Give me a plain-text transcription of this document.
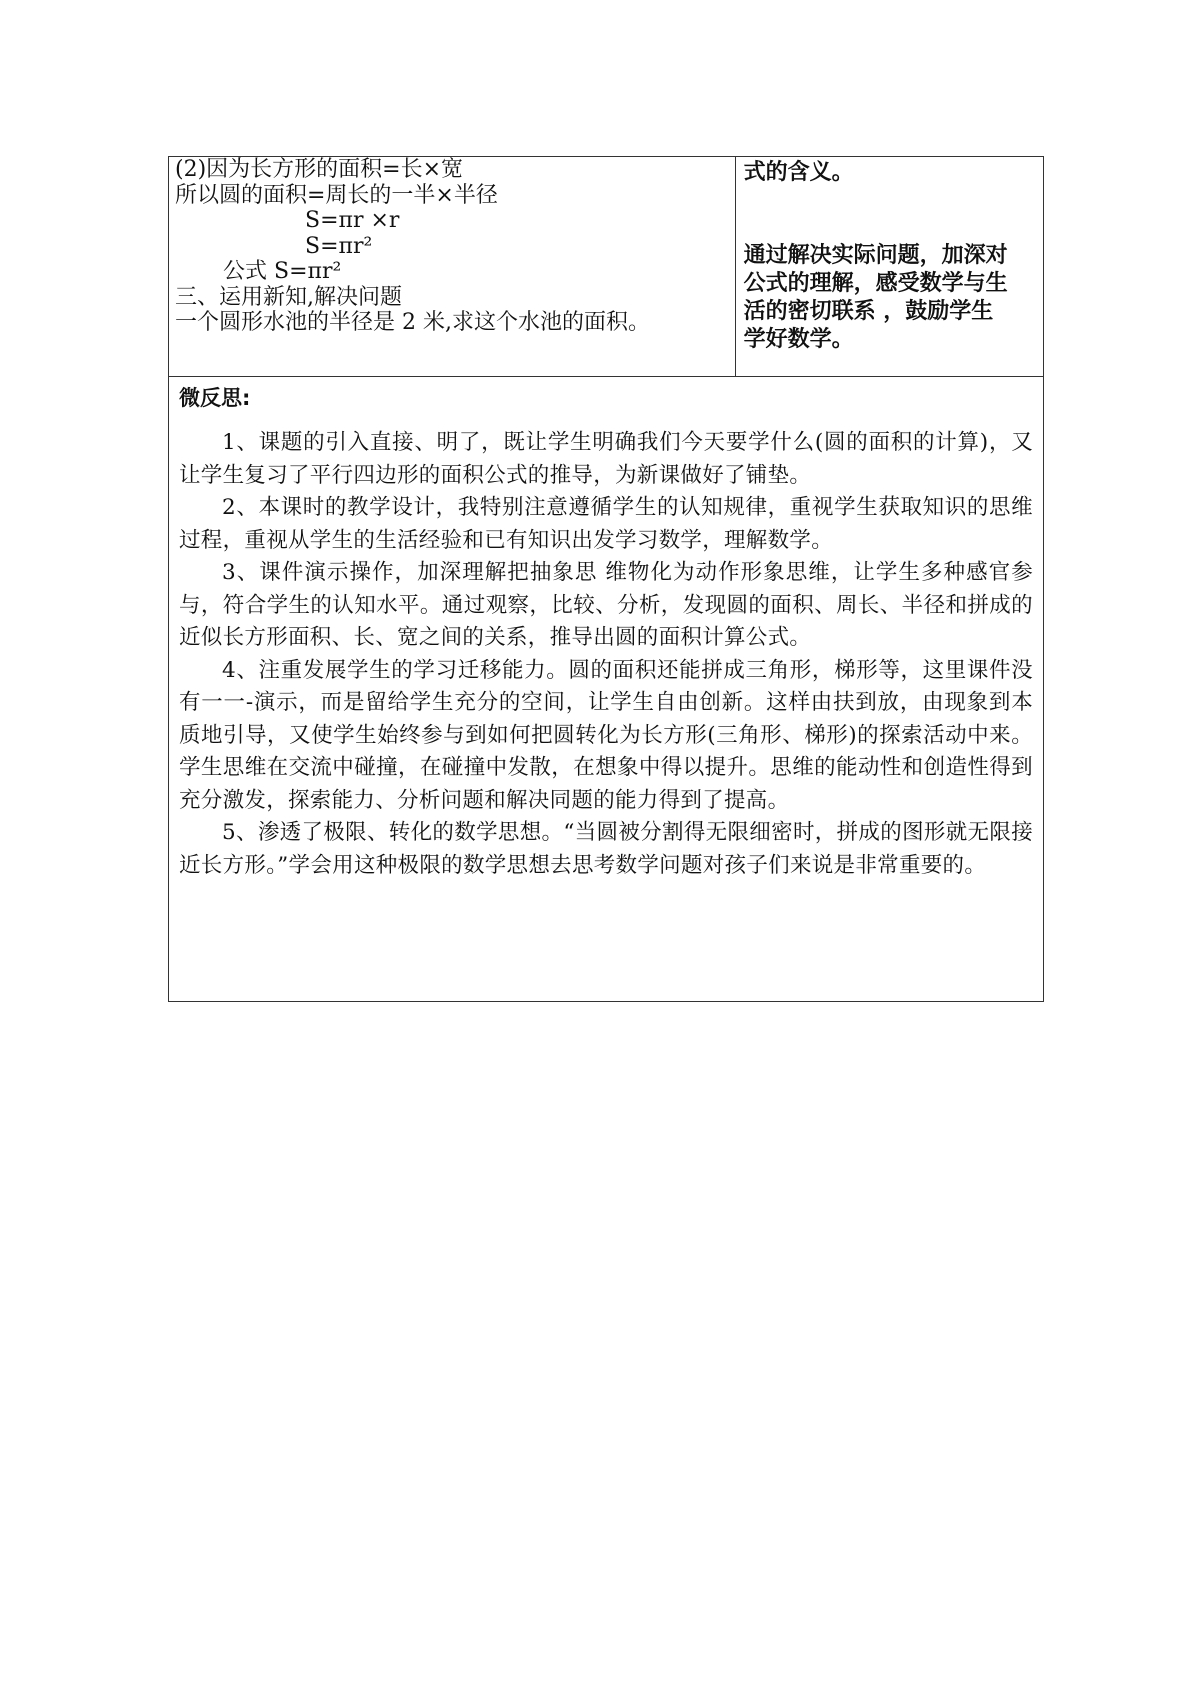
(2)因为长方形的面积=长×宽
所以圆的面积=周长的一半×半径
S=πr ×r
S=πr²
公式 S=πr²
三、运用新知,解决问题
一个圆形水池的半径是 2 米,求这个水池的面积。

式的含义。
通过解决实际问题，加深对
公式的理解，感受数学与生
活的密切联系 ，鼓励学生
学好数学。

微反思:

1、课题的引入直接、明了，既让学生明确我们今天要学什么(圆的面积的计算)，又让学生复习了平行四边形的面积公式的推导，为新课做好了铺垫。

2、本课时的教学设计，我特别注意遵循学生的认知规律，重视学生获取知识的思维过程，重视从学生的生活经验和已有知识出发学习数学，理解数学。

3、课件演示操作，加深理解把抽象思 维物化为动作形象思维，让学生多种感官参与，符合学生的认知水平。通过观察，比较、分析，发现圆的面积、周长、半径和拼成的近似长方形面积、长、宽之间的关系，推导出圆的面积计算公式。

4、注重发展学生的学习迁移能力。圆的面积还能拼成三角形，梯形等，这里课件没有一一-演示，而是留给学生充分的空间，让学生自由创新。这样由扶到放，由现象到本质地引导，又使学生始终参与到如何把圆转化为长方形(三角形、梯形)的探索活动中来。学生思维在交流中碰撞，在碰撞中发散，在想象中得以提升。思维的能动性和创造性得到充分激发，探索能力、分析问题和解决同题的能力得到了提高。

5、渗透了极限、转化的数学思想。“当圆被分割得无限细密时，拼成的图形就无限接近长方形。”学会用这种极限的数学思想去思考数学问题对孩子们来说是非常重要的。
